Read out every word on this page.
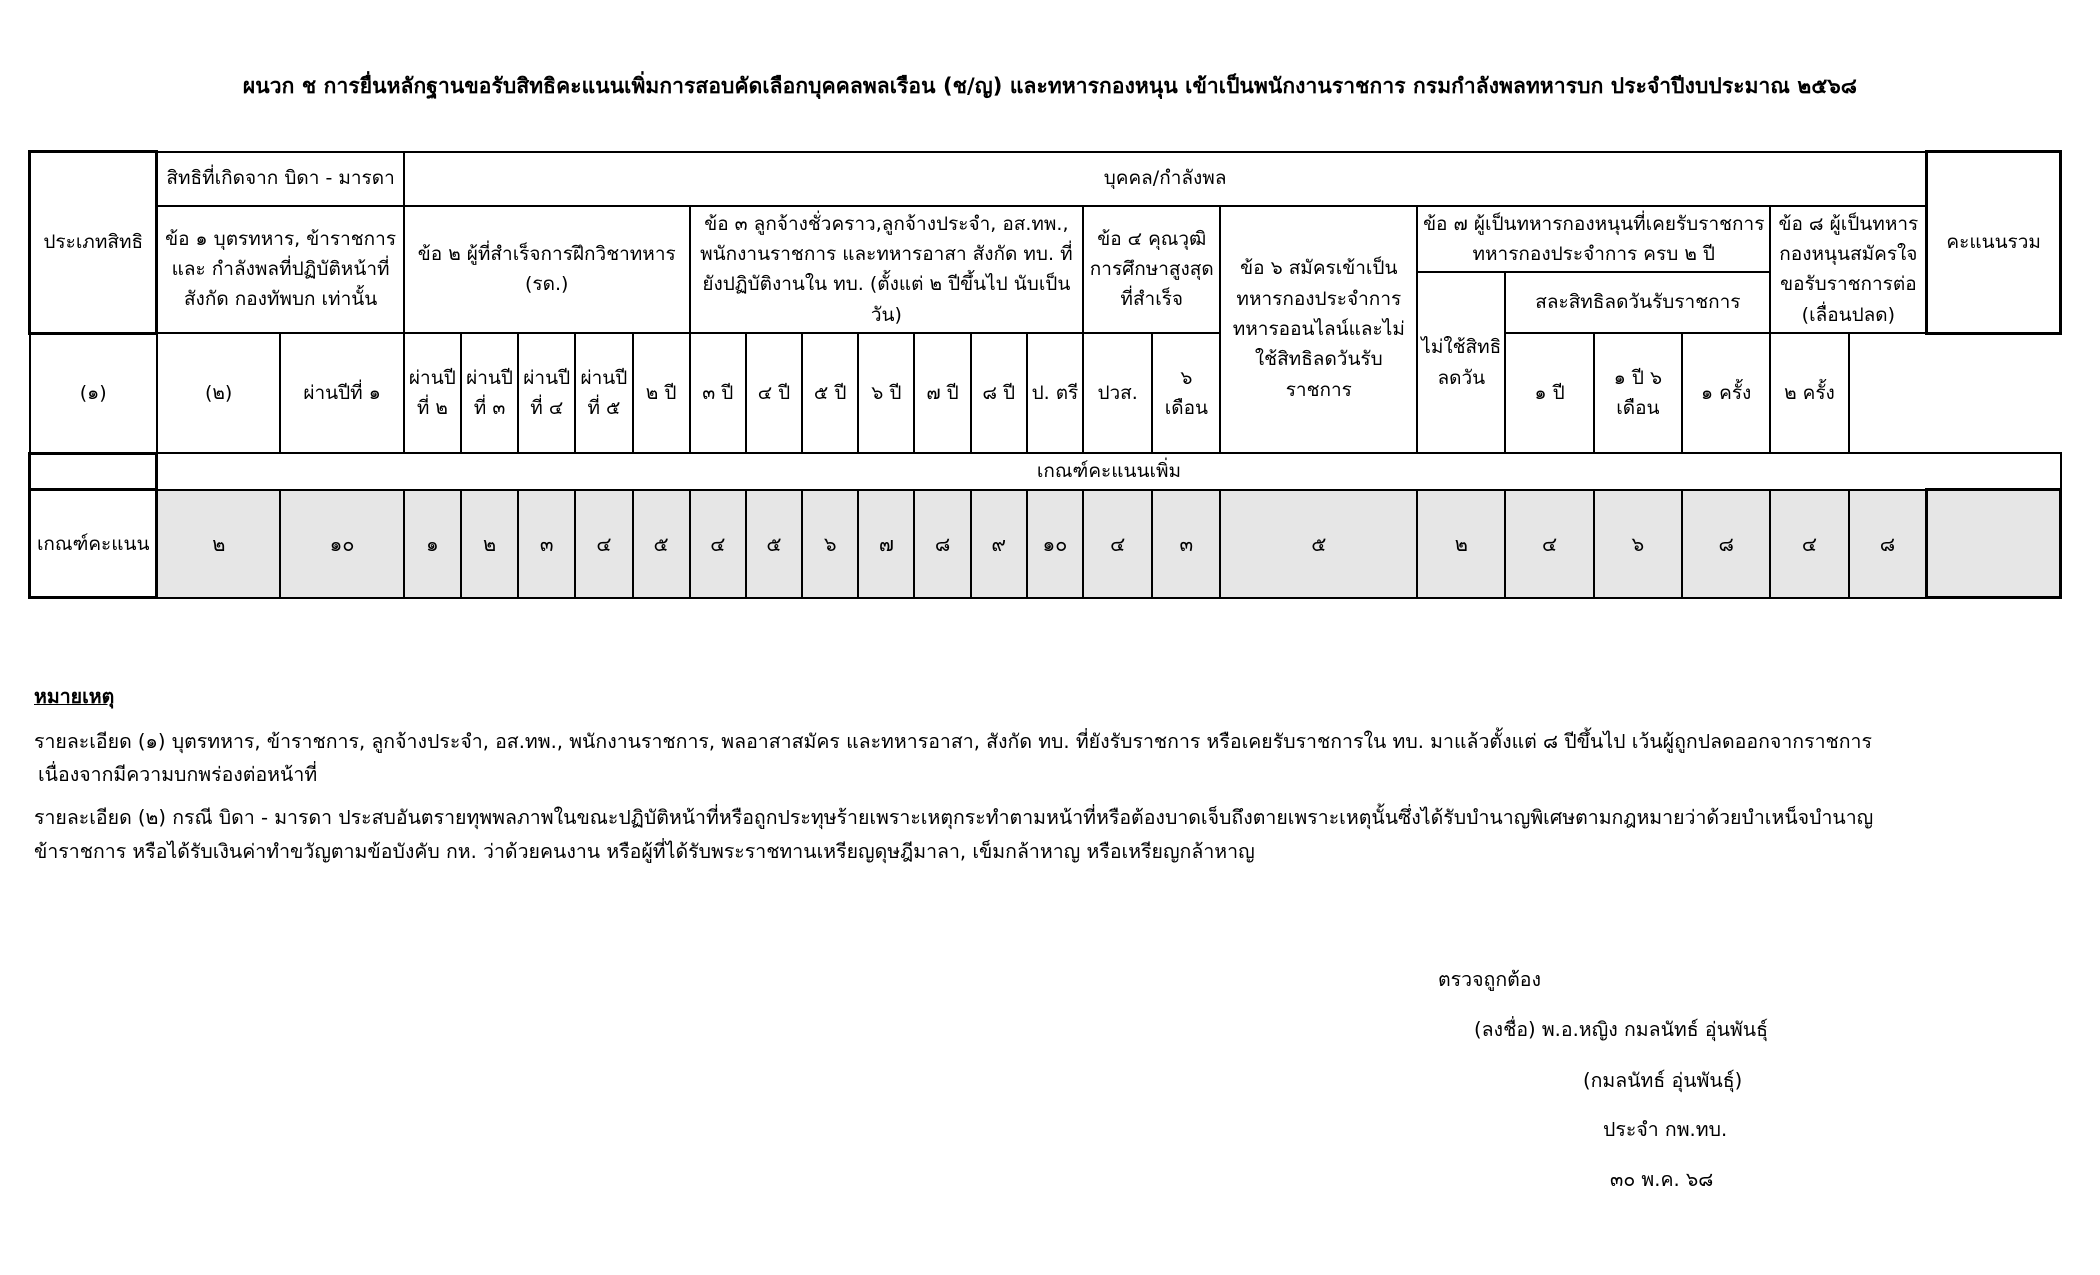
ผนวก ช การยื่นหลักฐานขอรับสิทธิคะแนนเพิ่มการสอบคัดเลือกบุคคลพลเรือน (ช/ญ) และทหารกองหนุน เข้าเป็นพนักงานราชการ กรมกำลังพลทหารบก ประจำปีงบประมาณ ๒๕๖๘
ประเภทสิทธิ	สิทธิที่เกิดจาก บิดา - มารดา		บุคคล/กำลังพล																					คะแนนรวม
	ข้อ ๑ บุตรทหาร, ข้าราชการ และ กำลังพลที่ปฏิบัติหน้าที่ สังกัด กองทัพบก เท่านั้น		ข้อ ๒ ผู้ที่สำเร็จการฝึกวิชาทหาร (รด.)					ข้อ ๓ ลูกจ้างชั่วคราว,ลูกจ้างประจำ, อส.ทพ., พนักงานราชการ และทหารอาสา สังกัด ทบ. ที่ยังปฏิบัติงานใน ทบ. (ตั้งแต่ ๒ ปีขึ้นไป นับเป็นวัน)							ข้อ ๔ คุณวุฒิการศึกษาสูงสุดที่สำเร็จ		ข้อ ๖ สมัครเข้าเป็นทหารกองประจำการทหารออนไลน์และไม่ใช้สิทธิลดวันรับราชการ	ข้อ ๗ ผู้เป็นทหารกองหนุนที่เคยรับราชการทหารกองประจำการ ครบ ๒ ปี				ข้อ ๘ ผู้เป็นทหารกองหนุนสมัครใจขอรับราชการต่อ (เลื่อนปลด)		
																		ไม่ใช้สิทธิลดวัน	สละสิทธิลดวันรับราชการ					
(๑)	(๒)	ผ่านปีที่ ๑	ผ่านปีที่ ๒	ผ่านปีที่ ๓	ผ่านปีที่ ๔	ผ่านปีที่ ๕	๒ ปี	๓ ปี	๔ ปี	๕ ปี	๖ ปี	๗ ปี	๘ ปี	ป. ตรี	ปวส.	๖ เดือน			๑ ปี	๑ ปี ๖ เดือน	๑ ครั้ง	๒ ครั้ง		
	เกณฑ์คะแนนเพิ่ม																							
เกณฑ์คะแนน	๒	๑๐	๑	๒	๓	๔	๕	๔	๕	๖	๗	๘	๙	๑๐	๔	๓	๕	๒	๔	๖	๘	๔	๘	
หมายเหตุ

รายละเอียด (๑) บุตรทหาร, ข้าราชการ, ลูกจ้างประจำ, อส.ทพ., พนักงานราชการ, พลอาสาสมัคร และทหารอาสา, สังกัด ทบ. ที่ยังรับราชการ หรือเคยรับราชการใน ทบ. มาแล้วตั้งแต่ ๘ ปีขึ้นไป เว้นผู้ถูกปลดออกจากราชการ
เนื่องจากมีความบกพร่องต่อหน้าที่

รายละเอียด (๒) กรณี บิดา - มารดา ประสบอันตรายทุพพลภาพในขณะปฏิบัติหน้าที่หรือถูกประทุษร้ายเพราะเหตุกระทำตามหน้าที่หรือต้องบาดเจ็บถึงตายเพราะเหตุนั้นซึ่งได้รับบำนาญพิเศษตามกฎหมายว่าด้วยบำเหน็จบำนาญ
ข้าราชการ หรือได้รับเงินค่าทำขวัญตามข้อบังคับ กห. ว่าด้วยคนงาน หรือผู้ที่ได้รับพระราชทานเหรียญดุษฎีมาลา, เข็มกล้าหาญ หรือเหรียญกล้าหาญ

ตรวจถูกต้อง
(ลงชื่อ) พ.อ.หญิง กมลนัทธ์ อุ่นพันธุ์
(กมลนัทธ์ อุ่นพันธุ์)
ประจำ กพ.ทบ.
๓๐ พ.ค. ๖๘
